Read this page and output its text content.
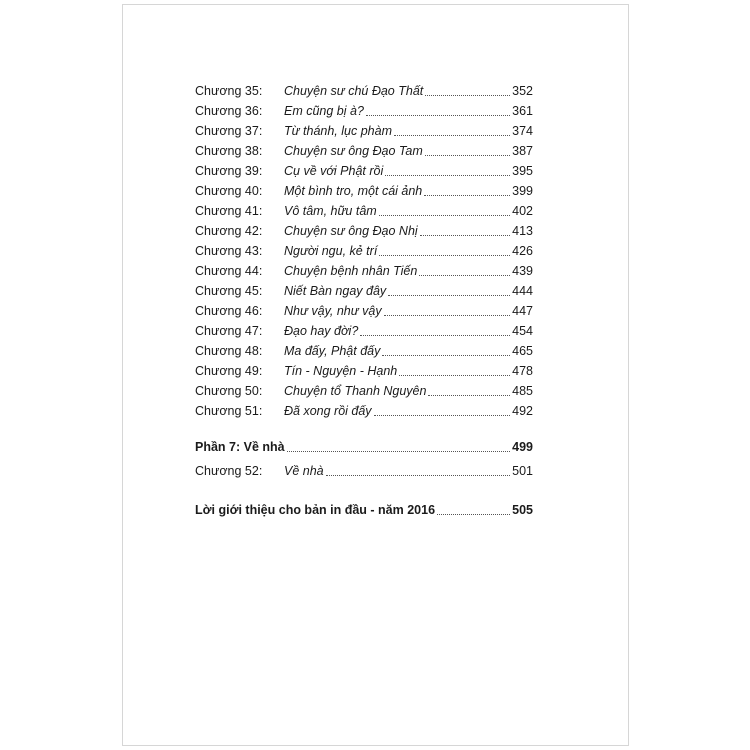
Chương 35: Chuyện sư chú Đạo Thất	352
Chương 36: Em cũng bị à?	361
Chương 37: Từ thánh, lục phàm	374
Chương 38: Chuyện sư ông Đạo Tam	387
Chương 39: Cụ về với Phật rồi	395
Chương 40: Một bình tro, một cái ảnh	399
Chương 41: Vô tâm, hữu tâm	402
Chương 42: Chuyện sư ông Đạo Nhị	413
Chương 43: Người ngu, kẻ trí	426
Chương 44: Chuyện bệnh nhân Tiến	439
Chương 45: Niết Bàn ngay đây	444
Chương 46: Như vậy, như vậy	447
Chương 47: Đạo hay đời?	454
Chương 48: Ma đấy, Phật đấy	465
Chương 49: Tín - Nguyện - Hạnh	478
Chương 50: Chuyện tổ Thanh Nguyên	485
Chương 51: Đã xong rồi đấy	492
Phần 7: Về nhà	499
Chương 52: Về nhà	501
Lời giới thiệu cho bản in đầu - năm 2016	505
